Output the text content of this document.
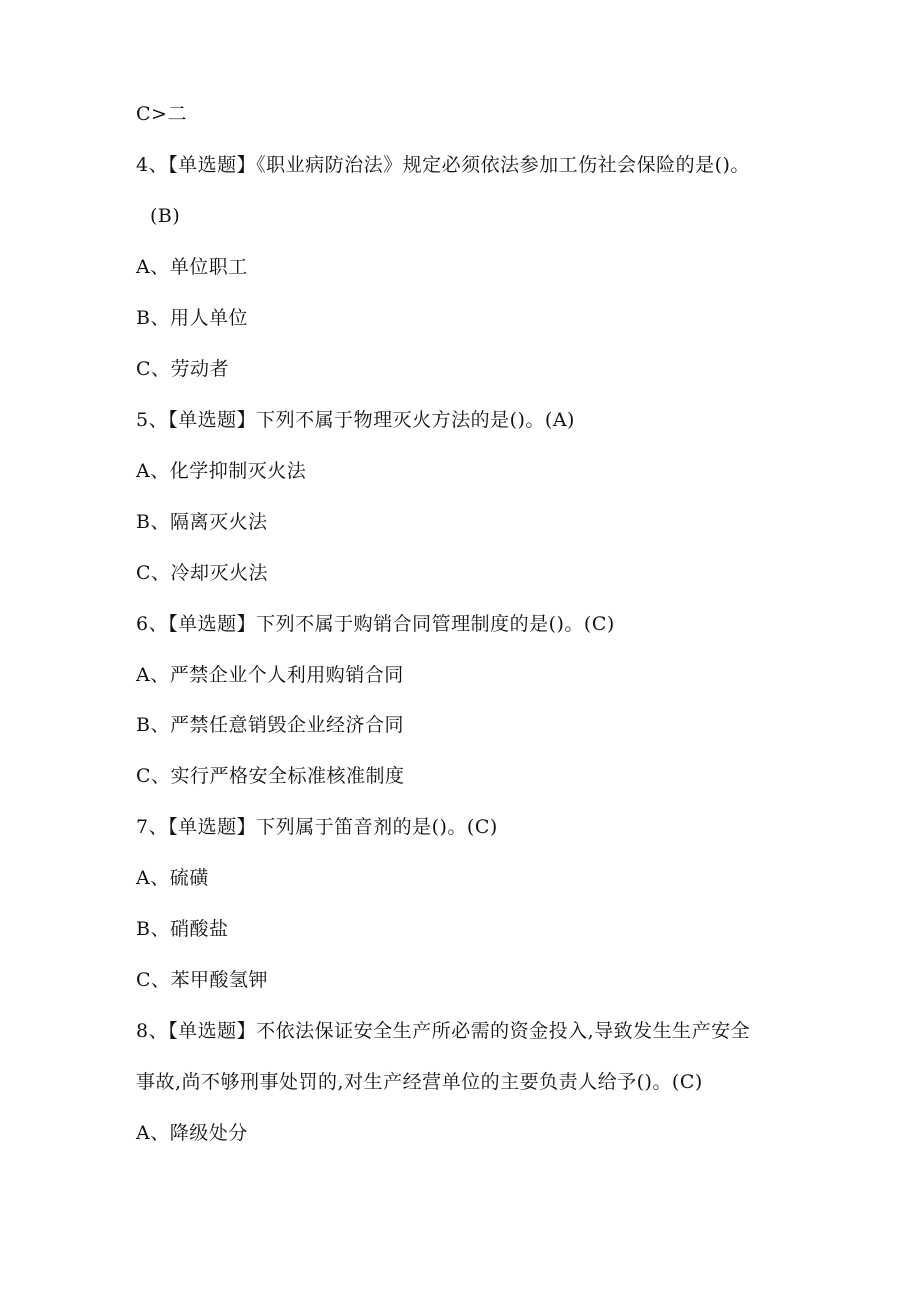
C>二
4、【单选题】《职业病防治法》规定必须依法参加工伤社会保险的是()。
(B)
A、单位职工
B、用人单位
C、劳动者
5、【单选题】下列不属于物理灭火方法的是()。(A)
A、化学抑制灭火法
B、隔离灭火法
C、冷却灭火法
6、【单选题】下列不属于购销合同管理制度的是()。(C)
A、严禁企业个人利用购销合同
B、严禁任意销毁企业经济合同
C、实行严格安全标准核准制度
7、【单选题】下列属于笛音剂的是()。(C)
A、硫磺
B、硝酸盐
C、苯甲酸氢钾
8、【单选题】不依法保证安全生产所必需的资金投入,导致发生生产安全
事故,尚不够刑事处罚的,对生产经营单位的主要负责人给予()。(C)
A、降级处分
